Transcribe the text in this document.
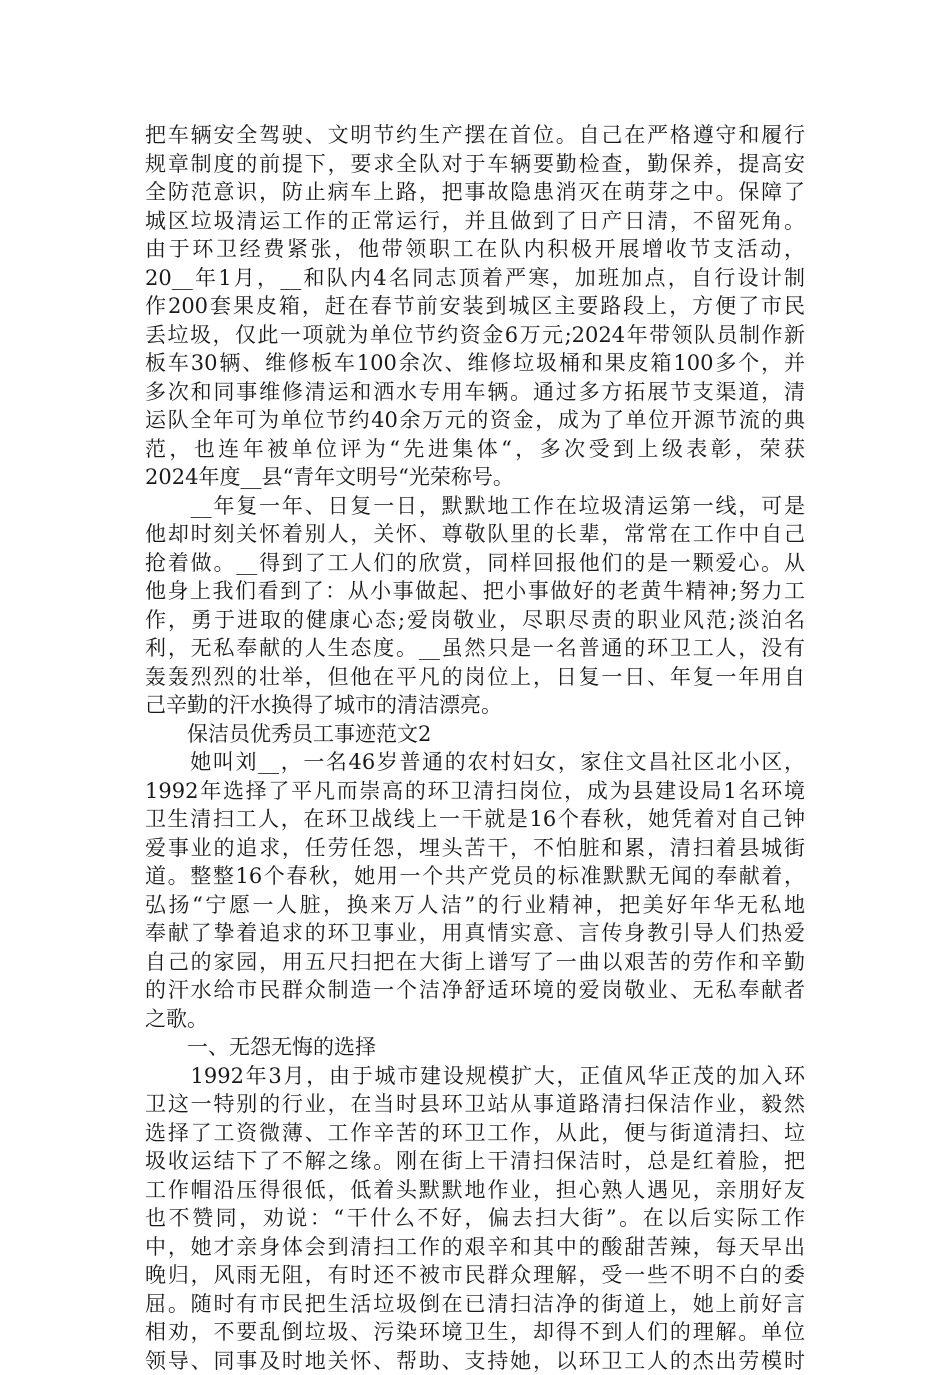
把车辆安全驾驶、文明节约生产摆在首位。自己在严格遵守和履行
规章制度的前提下，要求全队对于车辆要勤检查，勤保养，提高安
全防范意识，防止病车上路，把事故隐患消灭在萌芽之中。保障了
城区垃圾清运工作的正常运行，并且做到了日产日清，不留死角。
由于环卫经费紧张，他带领职工在队内积极开展增收节支活动，
20__年1月，__和队内4名同志顶着严寒，加班加点，自行设计制
作200套果皮箱，赶在春节前安装到城区主要路段上，方便了市民
丢垃圾，仅此一项就为单位节约资金6万元;2024年带领队员制作新
板车30辆、维修板车100余次、维修垃圾桶和果皮箱100多个，并
多次和同事维修清运和洒水专用车辆。通过多方拓展节支渠道，清
运队全年可为单位节约40余万元的资金，成为了单位开源节流的典
范，也连年被单位评为“先进集体“，多次受到上级表彰，荣获
2024年度__县“青年文明号“光荣称号。
　　__年复一年、日复一日，默默地工作在垃圾清运第一线，可是
他却时刻关怀着别人，关怀、尊敬队里的长辈，常常在工作中自己
抢着做。__得到了工人们的欣赏，同样回报他们的是一颗爱心。从
他身上我们看到了：从小事做起、把小事做好的老黄牛精神;努力工
作，勇于进取的健康心态;爱岗敬业，尽职尽责的职业风范;淡泊名
利，无私奉献的人生态度。__虽然只是一名普通的环卫工人，没有
轰轰烈烈的壮举，但他在平凡的岗位上，日复一日、年复一年用自
己辛勤的汗水换得了城市的清洁漂亮。
　　保洁员优秀员工事迹范文2
　　她叫刘__，一名46岁普通的农村妇女，家住文昌社区北小区，
1992年选择了平凡而崇高的环卫清扫岗位，成为县建设局1名环境
卫生清扫工人，在环卫战线上一干就是16个春秋，她凭着对自己钟
爱事业的追求，任劳任怨，埋头苦干，不怕脏和累，清扫着县城街
道。整整16个春秋，她用一个共产党员的标准默默无闻的奉献着，
弘扬“宁愿一人脏，换来万人洁”的行业精神，把美好年华无私地
奉献了挚着追求的环卫事业，用真情实意、言传身教引导人们热爱
自己的家园，用五尺扫把在大街上谱写了一曲以艰苦的劳作和辛勤
的汗水给市民群众制造一个洁净舒适环境的爱岗敬业、无私奉献者
之歌。
　　一、无怨无悔的选择
　　1992年3月，由于城市建设规模扩大，正值风华正茂的加入环
卫这一特别的行业，在当时县环卫站从事道路清扫保洁作业，毅然
选择了工资微薄、工作辛苦的环卫工作，从此，便与街道清扫、垃
圾收运结下了不解之缘。刚在街上干清扫保洁时，总是红着脸，把
工作帽沿压得很低，低着头默默地作业，担心熟人遇见，亲朋好友
也不赞同，劝说：“干什么不好，偏去扫大街”。在以后实际工作
中，她才亲身体会到清扫工作的艰辛和其中的酸甜苦辣，每天早出
晚归，风雨无阻，有时还不被市民群众理解，受一些不明不白的委
屈。随时有市民把生活垃圾倒在已清扫洁净的街道上，她上前好言
相劝，不要乱倒垃圾、污染环境卫生，却得不到人们的理解。单位
领导、同事及时地关怀、帮助、支持她，以环卫工人的杰出劳模时
